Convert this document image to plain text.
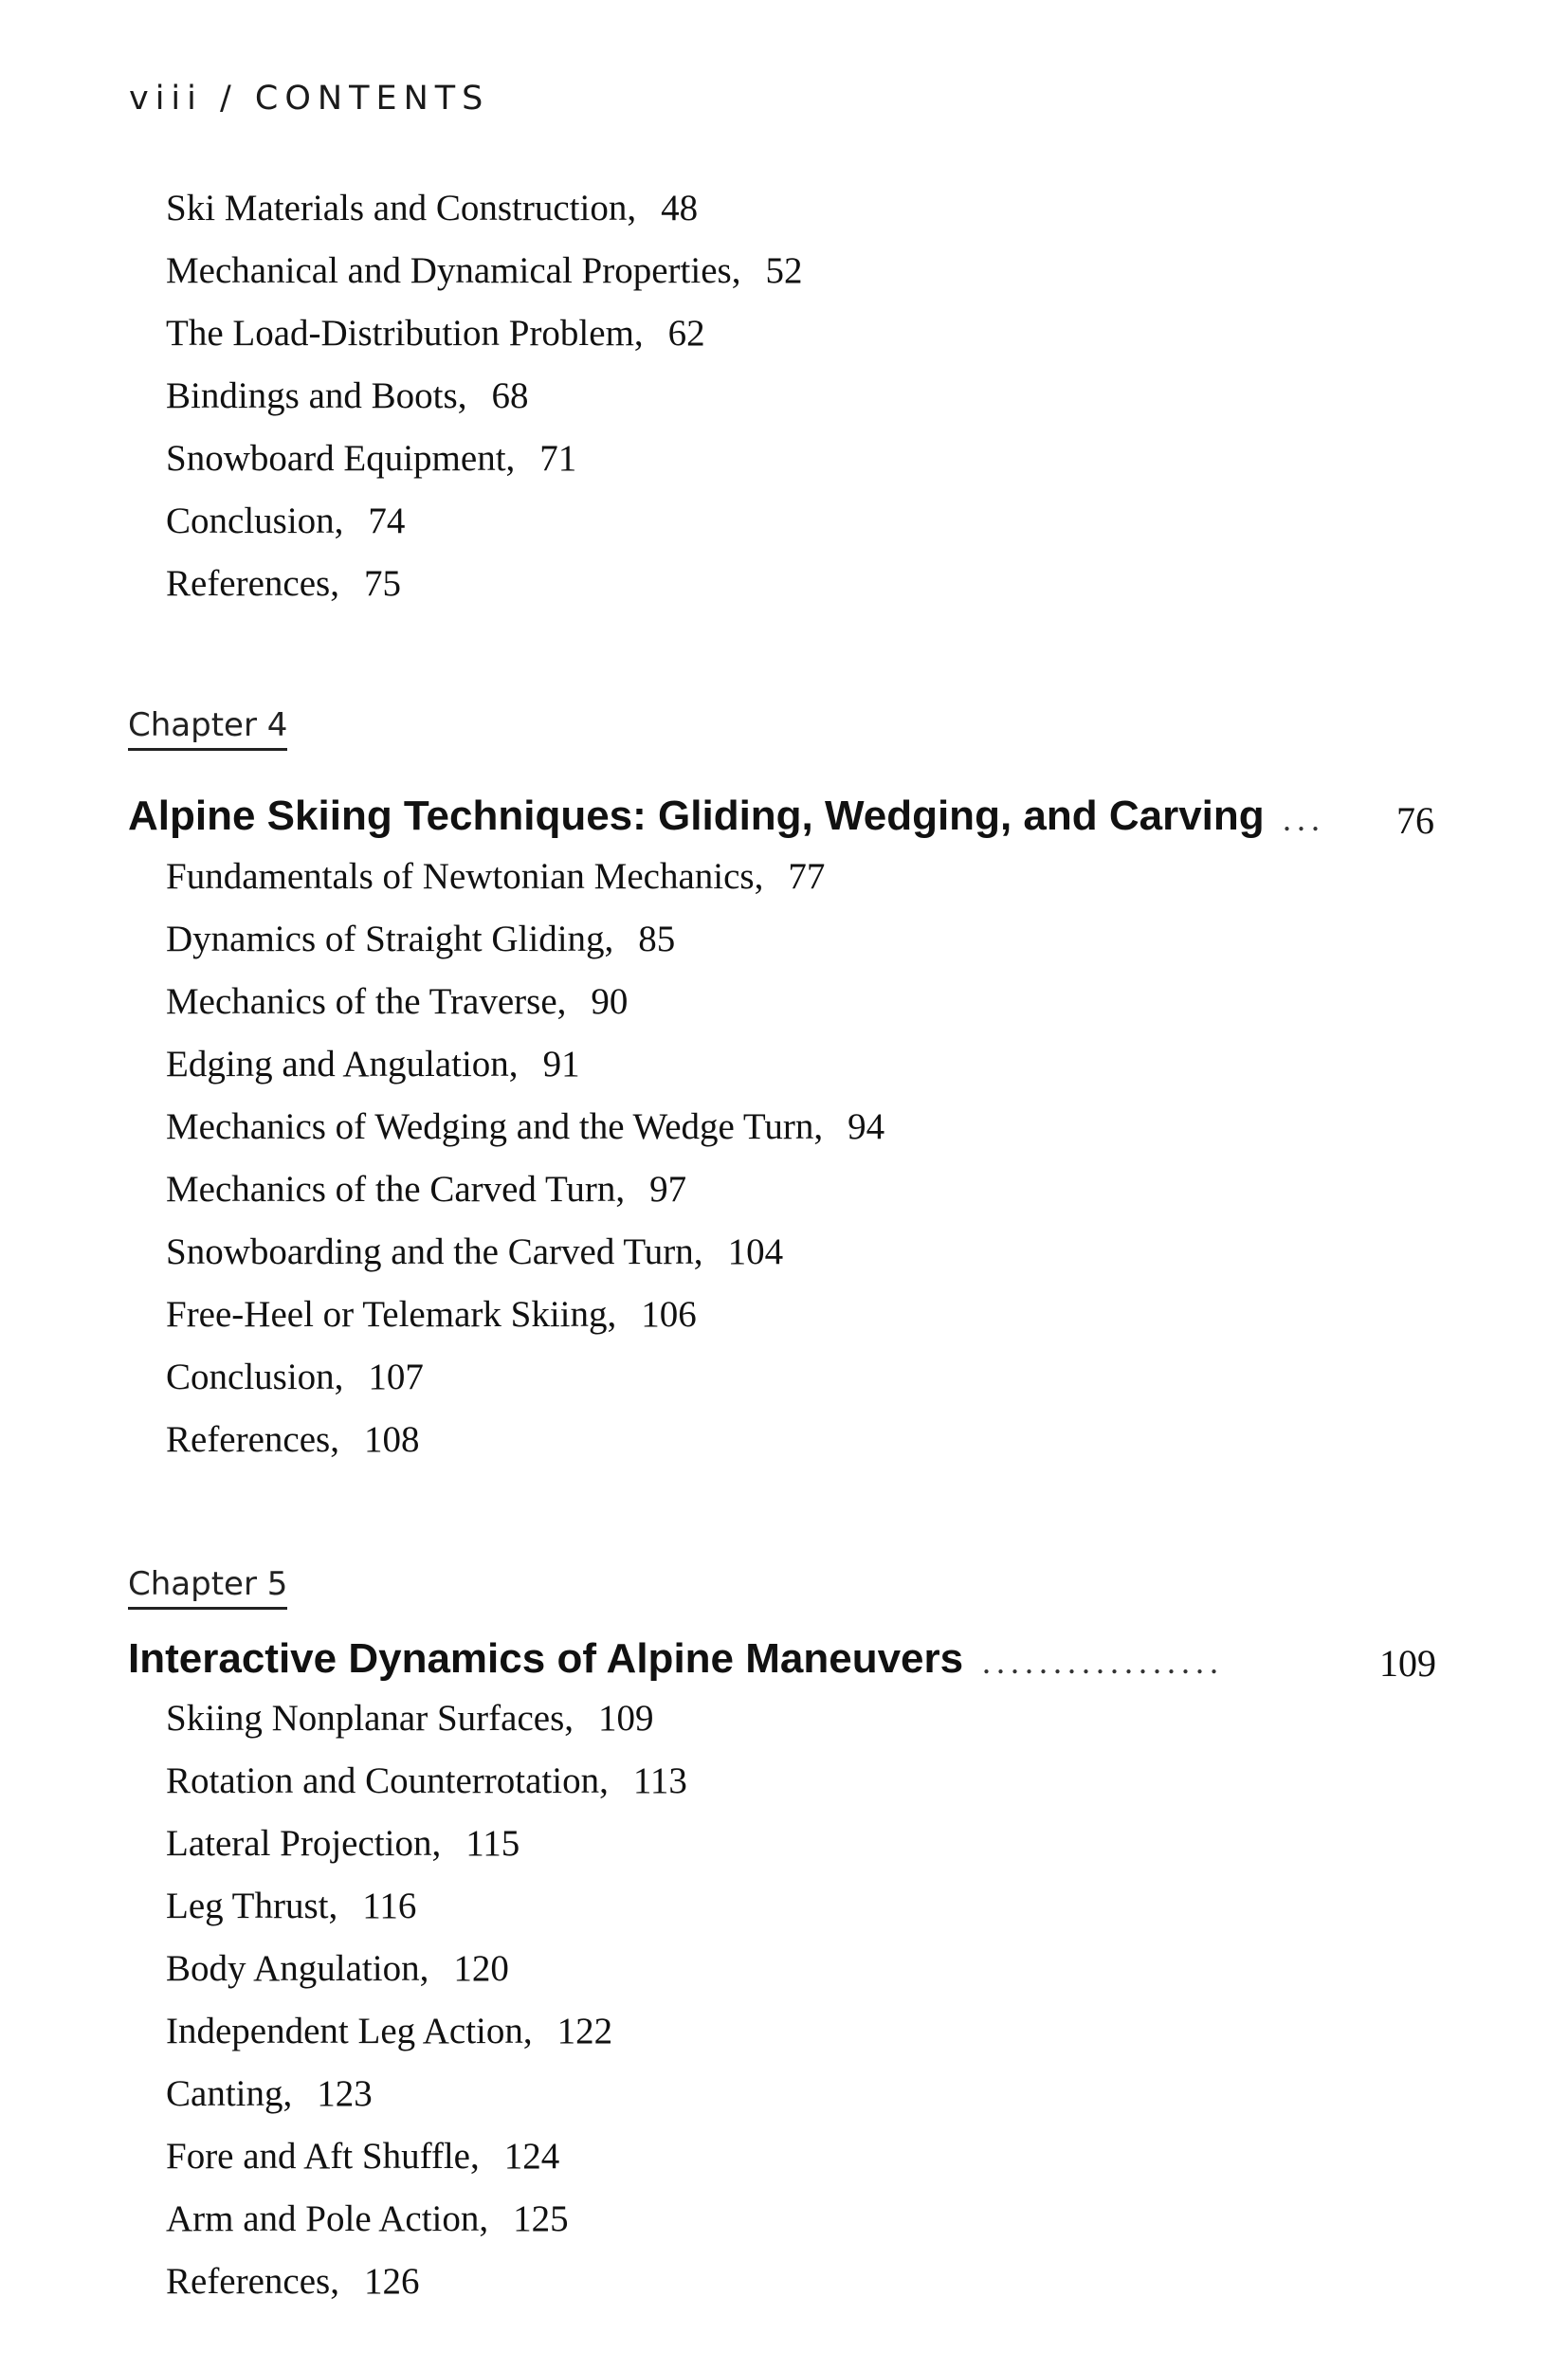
viii / CONTENTS
Ski Materials and Construction, 48
Mechanical and Dynamical Properties, 52
The Load-Distribution Problem, 62
Bindings and Boots, 68
Snowboard Equipment, 71
Conclusion, 74
References, 75
Chapter 4
Alpine Skiing Techniques: Gliding, Wedging, and Carving ...	76
Fundamentals of Newtonian Mechanics, 77
Dynamics of Straight Gliding, 85
Mechanics of the Traverse, 90
Edging and Angulation, 91
Mechanics of Wedging and the Wedge Turn, 94
Mechanics of the Carved Turn, 97
Snowboarding and the Carved Turn, 104
Free-Heel or Telemark Skiing, 106
Conclusion, 107
References, 108
Chapter 5
Interactive Dynamics of Alpine Maneuvers .................	109
Skiing Nonplanar Surfaces, 109
Rotation and Counterrotation, 113
Lateral Projection, 115
Leg Thrust, 116
Body Angulation, 120
Independent Leg Action, 122
Canting, 123
Fore and Aft Shuffle, 124
Arm and Pole Action, 125
References, 126
